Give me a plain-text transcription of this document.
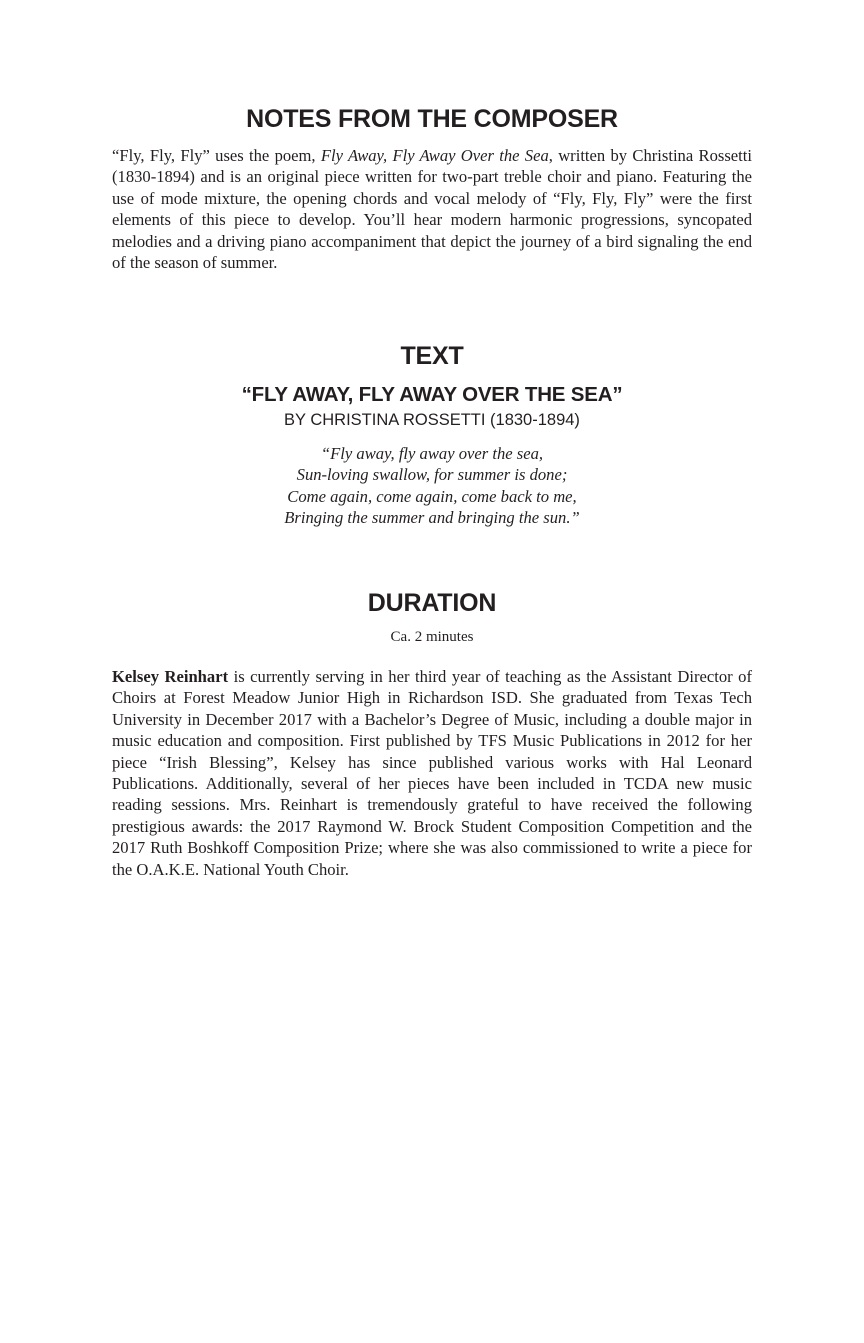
NOTES FROM THE COMPOSER

“Fly, Fly, Fly” uses the poem, Fly Away, Fly Away Over the Sea, written by Christina Rossetti (1830-1894) and is an original piece written for two-part treble choir and piano. Featuring the use of mode mixture, the opening chords and vocal melody of “Fly, Fly, Fly” were the first elements of this piece to develop. You’ll hear modern harmonic progressions, syncopated melodies and a driving piano accompaniment that depict the journey of a bird signaling the end of the season of summer.

TEXT

“FLY AWAY, FLY AWAY OVER THE SEA”

BY CHRISTINA ROSSETTI (1830-1894)

“Fly away, fly away over the sea,
Sun-loving swallow, for summer is done;
Come again, come again, come back to me,
Bringing the summer and bringing the sun.”
DURATION

Ca. 2 minutes

Kelsey Reinhart is currently serving in her third year of teaching as the Assistant Director of Choirs at Forest Meadow Junior High in Richardson ISD. She graduated from Texas Tech University in December 2017 with a Bachelor’s Degree of Music, including a double major in music education and composition. First published by TFS Music Publications in 2012 for her piece “Irish Blessing”, Kelsey has since published various works with Hal Leonard Publications. Additionally, several of her pieces have been included in TCDA new music reading sessions. Mrs. Reinhart is tremendously grateful to have received the following prestigious awards: the 2017 Raymond W. Brock Student Composition Competition and the 2017 Ruth Boshkoff Composition Prize; where she was also commissioned to write a piece for the O.A.K.E. National Youth Choir.
